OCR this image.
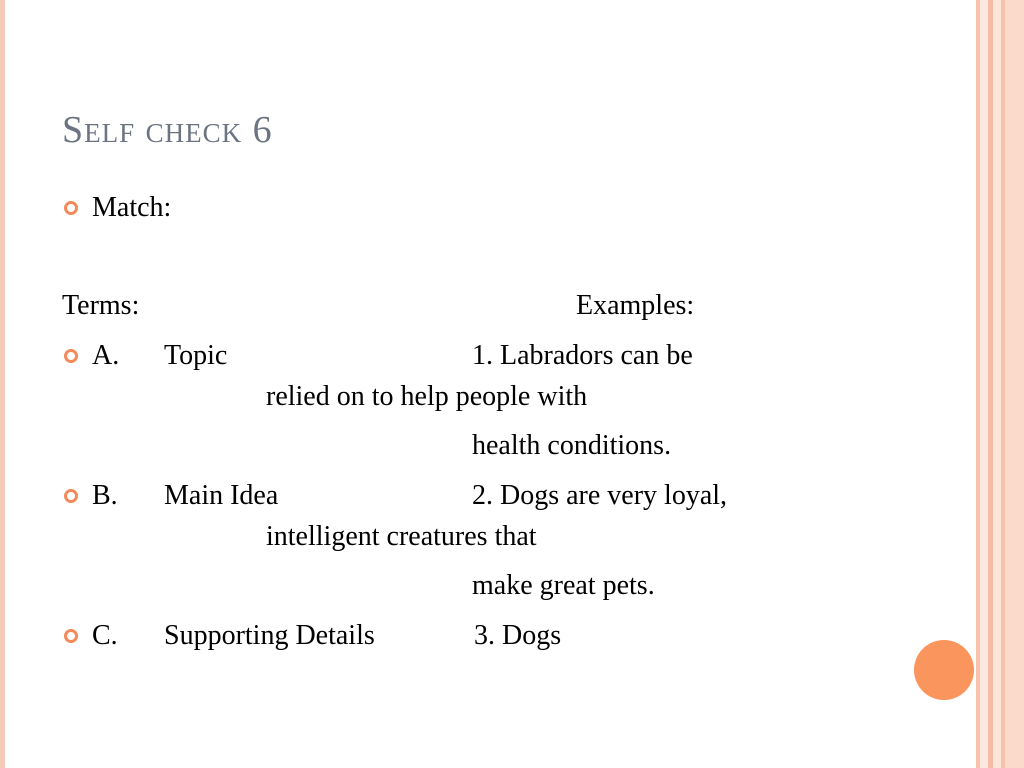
Self check 6
Match:
Terms:	Examples:
A. Topic	1. Labradors can be
relied on to help people with
health conditions.
B. Main Idea	2. Dogs are very loyal,
intelligent creatures that
make great pets.
C. Supporting Details	3. Dogs
